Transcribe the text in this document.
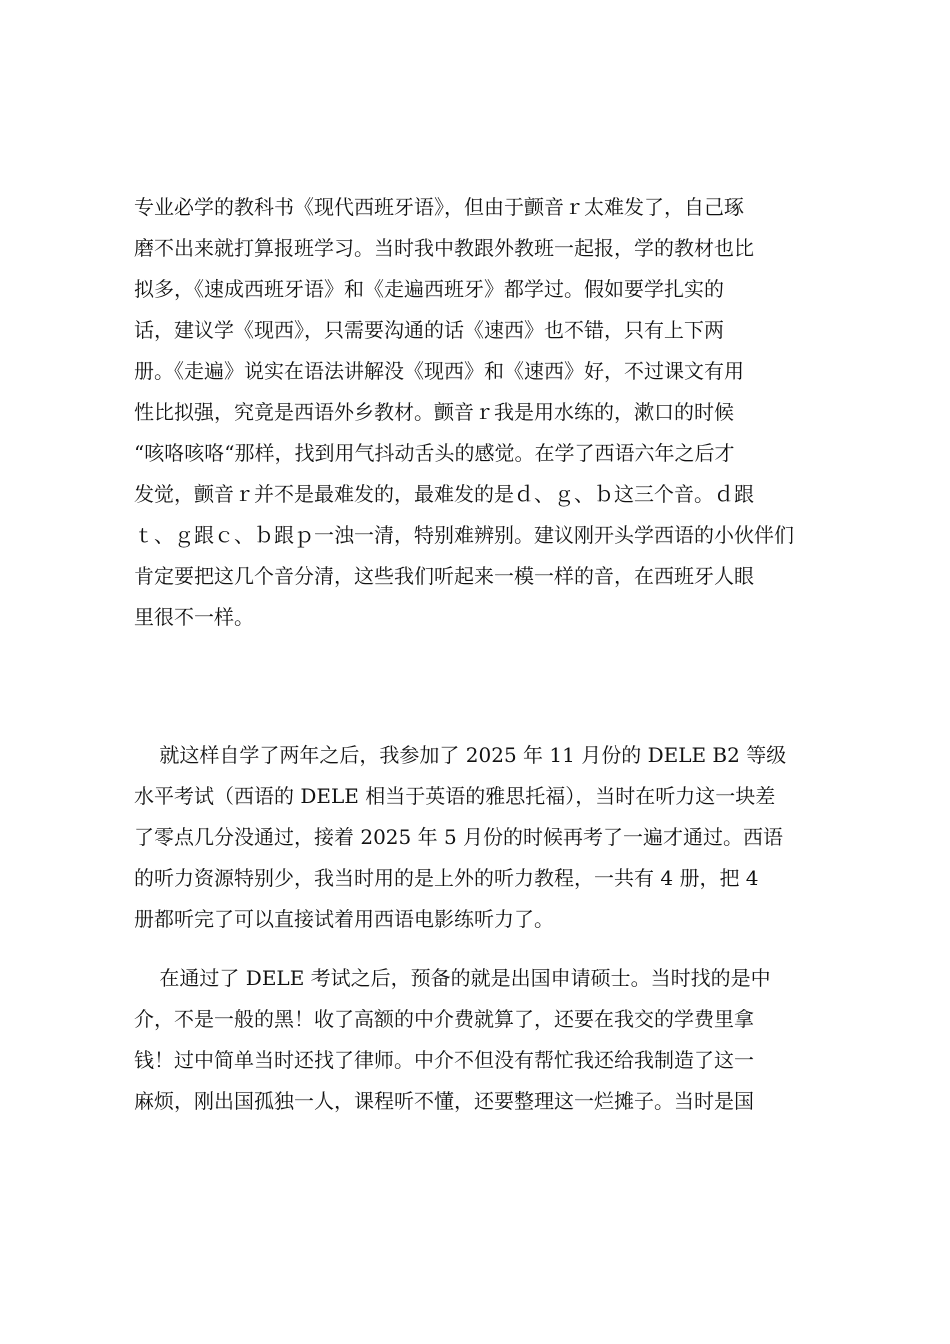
专业必学的教科书《现代西班牙语》，但由于颤音ｒ太难发了，自己琢

磨不出来就打算报班学习。当时我中教跟外教班一起报，学的教材也比

拟多，《速成西班牙语》和《走遍西班牙》都学过。假如要学扎实的

话，建议学《现西》，只需要沟通的话《速西》也不错，只有上下两

册。《走遍》说实在语法讲解没《现西》和《速西》好，不过课文有用

性比拟强，究竟是西语外乡教材。颤音ｒ我是用水练的，漱口的时候

“咳咯咳咯“那样，找到用气抖动舌头的感觉。在学了西语六年之后才

发觉，颤音ｒ并不是最难发的，最难发的是ｄ、ｇ、ｂ这三个音。ｄ跟

ｔ、ｇ跟ｃ、ｂ跟ｐ一浊一清，特别难辨别。建议刚开头学西语的小伙伴们

肯定要把这几个音分清，这些我们听起来一模一样的音，在西班牙人眼

里很不一样。

就这样自学了两年之后，我参加了 2025 年 11 月份的 DELE B2 等级

水平考试（西语的 DELE 相当于英语的雅思托福），当时在听力这一块差

了零点几分没通过，接着 2025 年 5 月份的时候再考了一遍才通过。西语

的听力资源特别少，我当时用的是上外的听力教程，一共有 4 册，把 4

册都听完了可以直接试着用西语电影练听力了。

在通过了 DELE 考试之后，预备的就是出国申请硕士。当时找的是中

介，不是一般的黑！收了高额的中介费就算了，还要在我交的学费里拿

钱！过中简单当时还找了律师。中介不但没有帮忙我还给我制造了这一

麻烦，刚出国孤独一人，课程听不懂，还要整理这一烂摊子。当时是国
